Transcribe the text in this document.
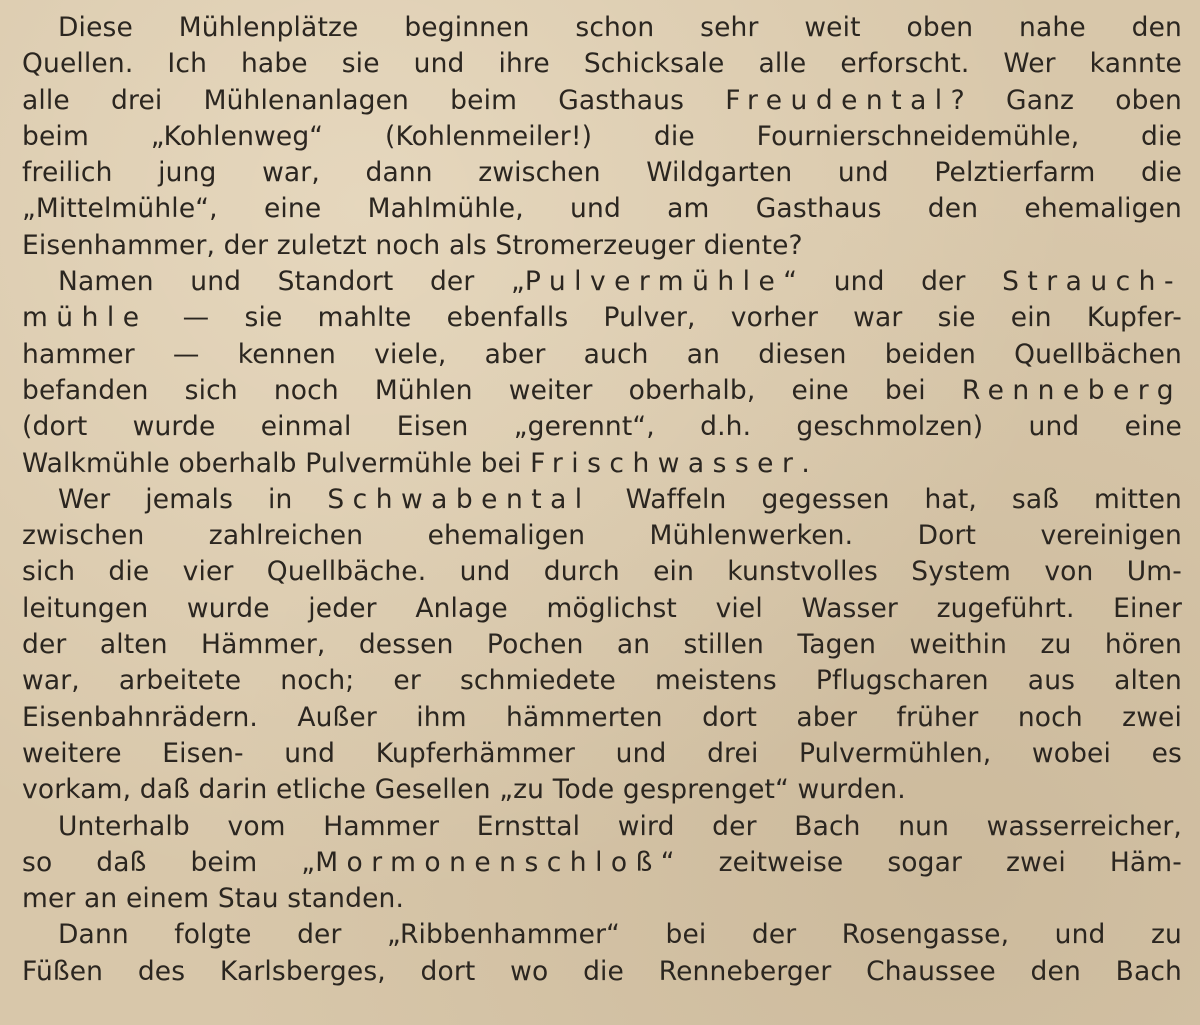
Diese Mühlenplätze beginnen schon sehr weit oben nahe den
Quellen. Ich habe sie und ihre Schicksale alle erforscht. Wer kannte
alle drei Mühlenanlagen beim Gasthaus Freudental? Ganz oben
beim „Kohlenweg“ (Kohlenmeiler!) die Fournierschneidemühle, die
freilich jung war, dann zwischen Wildgarten und Pelztierfarm die
„Mittelmühle“, eine Mahlmühle, und am Gasthaus den ehemaligen
Eisenhammer, der zuletzt noch als Stromerzeuger diente?
Namen und Standort der „Pulvermühle“ und der Strauch-
mühle — sie mahlte ebenfalls Pulver, vorher war sie ein Kupfer-
hammer — kennen viele, aber auch an diesen beiden Quellbächen
befanden sich noch Mühlen weiter oberhalb, eine bei Renneberg
(dort wurde einmal Eisen „gerennt“, d.h. geschmolzen) und eine
Walkmühle oberhalb Pulvermühle bei Frischwasser.
Wer jemals in Schwabental Waffeln gegessen hat, saß mitten
zwischen zahlreichen ehemaligen Mühlenwerken. Dort vereinigen
sich die vier Quellbäche. und durch ein kunstvolles System von Um-
leitungen wurde jeder Anlage möglichst viel Wasser zugeführt. Einer
der alten Hämmer, dessen Pochen an stillen Tagen weithin zu hören
war, arbeitete noch; er schmiedete meistens Pflugscharen aus alten
Eisenbahnrädern. Außer ihm hämmerten dort aber früher noch zwei
weitere Eisen- und Kupferhämmer und drei Pulvermühlen, wobei es
vorkam, daß darin etliche Gesellen „zu Tode gesprenget“ wurden.
Unterhalb vom Hammer Ernsttal wird der Bach nun wasserreicher,
so daß beim „Mormonenschloß“ zeitweise sogar zwei Häm-
mer an einem Stau standen.
Dann folgte der „Ribbenhammer“ bei der Rosengasse, und zu
Füßen des Karlsberges, dort wo die Renneberger Chaussee den Bach
